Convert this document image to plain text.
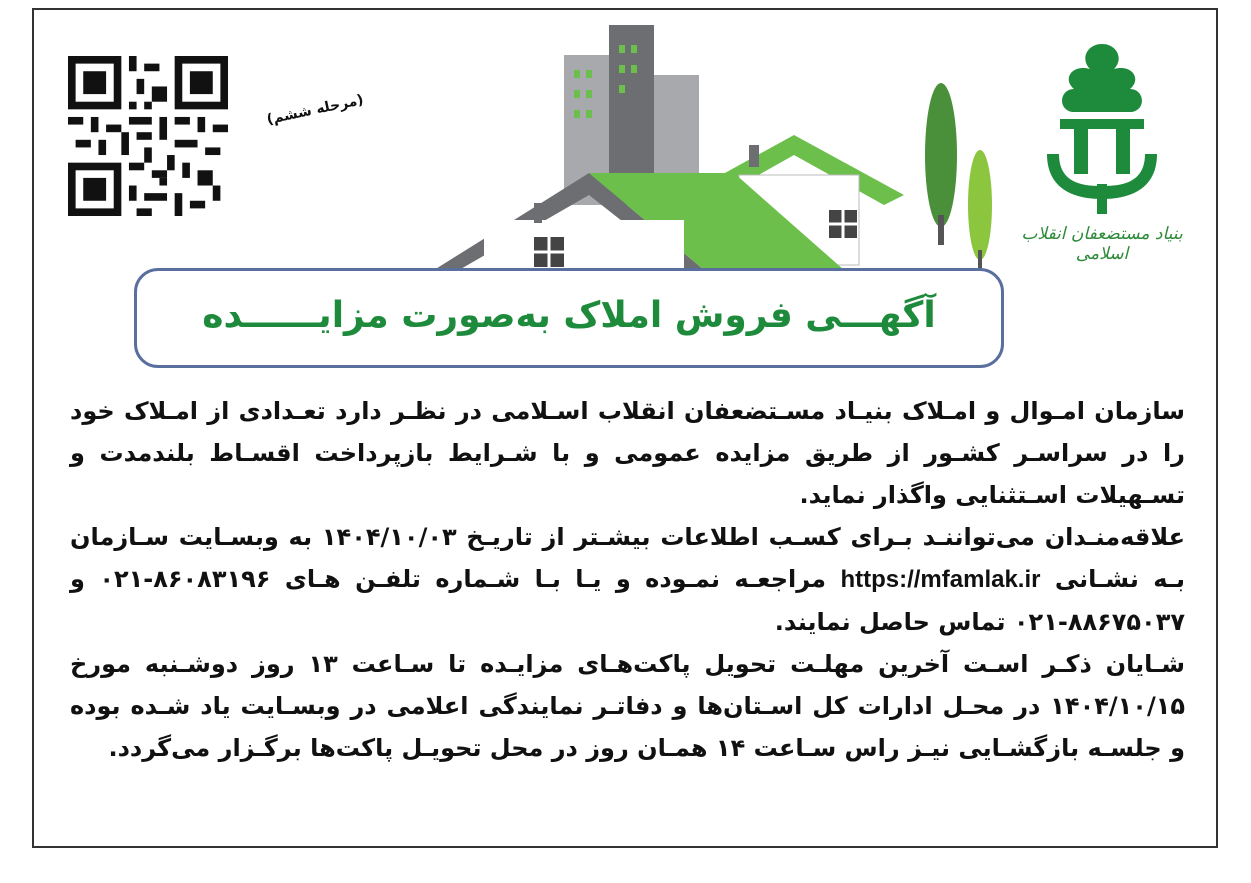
بنیاد مستضعفان انقلاب اسلامی
(مرحله ششم)
آگهـــی فروش املاک به‌صورت مزایــــــده

سازمان امـوال و امـلاک بنیـاد مسـتضعفان انقلاب اسـلامی در نظـر دارد تعـدادی از امـلاک خود را در سراسـر کشـور از طریق مزایده عمومی و با شـرایط بازپرداخت اقسـاط بلندمدت و تسـهیلات اسـتثنایی واگذار نماید.

علاقه‌منـدان می‌تواننـد بـرای کسـب اطلاعات بیشـتر از تاریـخ ۱۴۰۴/۱۰/۰۳ به وبسـایت سـازمان بـه نشـانی https://mfamlak.ir مراجعـه نمـوده و یـا بـا شـماره تلفـن هـای ۸۶۰۸۳۱۹۶-۰۲۱ و ۸۸۶۷۵۰۳۷-۰۲۱ تماس حاصل نمایند.

شـایان ذکـر اسـت آخرین مهلـت تحویل پاکت‌هـای مزایـده تا سـاعت ۱۳ روز دوشـنبه مورخ ۱۴۰۴/۱۰/۱۵ در محـل ادارات کل اسـتان‌ها و دفاتـر نمایندگی اعلامی در وبسـایت یاد شـده بوده و جلسـه بازگشـایی نیـز راس سـاعت ۱۴ همـان روز در محل تحویـل پاکت‌ها برگـزار می‌گردد.
